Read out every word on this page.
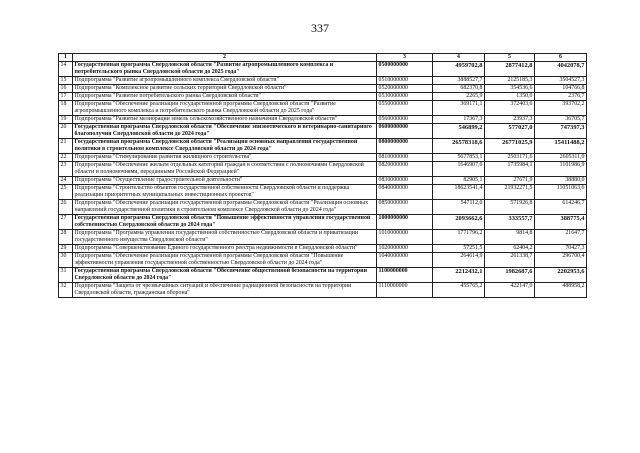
337
1	2	3	4	5	6
14	Государственная программа Свердловской области "Развитие агропромышленного комплекса и потребительского рынка Свердловской области до 2025 года"	0500000000	4959702,8	2877412,8	4042078,7
15	Подпрограмма "Развитие агропромышленного комплекса Свердловской области"	0510000000	3888527,7	2125185,3	3504527,3
16	Подпрограмма "Комплексное развитие сельских территорий Свердловской области"	0520000000	682370,8	354536,6	104766,8
17	Подпрограмма "Развитие потребительского рынка Свердловской области"	0530000000	2265,9	1350,0	2376,7
18	Подпрограмма "Обеспечение реализации государственной программы Свердловской области "Развитие агропромышленного комплекса и потребительского рынка Свердловской области до 2025 года"	0550000000	369171,1	372403,6	393702,2
19	Подпрограмма "Развитие мелиорации земель сельскохозяйственного назначения Свердловской области"	0560000000	17367,3	23937,3	36705,7
20	Государственная программа Свердловской области "Обеспечение эпизоотического и ветеринарно-санитарного благополучия Свердловской области до 2024 года"	0600000000	546899,2	577027,0	747397,3
21	Государственная программа Свердловской области "Реализация основных направлений государственной политики в строительном комплексе Свердловской области до 2024 года"	0800000000	26578318,6	26771025,9	15411488,2
22	Подпрограмма "Стимулирование развития жилищного строительства"	0810000000	5677853,1	2503171,6	2605311,0
23	Подпрограмма "Обеспечение жильем отдельных категорий граждан в соответствии с полномочиями Свердловской области и полномочиями, переданными Российской Федерацией"	0820000000	1646907,0	1735984,1	1101986,9
24	Подпрограмма "Осуществление градостроительной деятельности"	0830000000	82905,1	27671,9	38880,0
25	Подпрограмма "Строительство объектов государственной собственности Свердловской области и поддержка реализации приоритетных муниципальных инвестиционных проектов"	0840000000	18623541,4	21932271,5	11051063,6
26	Подпрограмма "Обеспечение реализации государственной программы Свердловской области "Реализация основных направлений государственной политики в строительном комплексе Свердловской области до 2024 года"	0850000000	547112,0	571926,8	614246,7
27	Государственная программа Свердловской области "Повышение эффективности управления государственной собственностью Свердловской области до 2024 года"	1000000000	2093662,6	333557,7	388775,4
28	Подпрограмма "Программа управления государственной собственностью Свердловской области и приватизации государственного имущества Свердловской области"	1010000000	1771796,2	9814,8	21647,7
29	Подпрограмма "Совершенствование Единого государственного реестра недвижимости в Свердловской области"	1020000000	57251,5	62404,2	70427,3
30	Подпрограмма "Обеспечение реализации государственной программы Свердловской области "Повышение эффективности управления государственной собственностью Свердловской области до 2024 года"	1040000000	264614,9	261338,7	296700,4
31	Государственная программа Свердловской области "Обеспечение общественной безопасности на территории Свердловской области до 2024 года"	1100000000	2212432,1	1982687,6	2202953,6
32	Подпрограмма "Защита от чрезвычайных ситуаций и обеспечение радиационной безопасности на территории Свердловской области, гражданская оборона"	1110000000	455765,2	422147,0	488958,2
